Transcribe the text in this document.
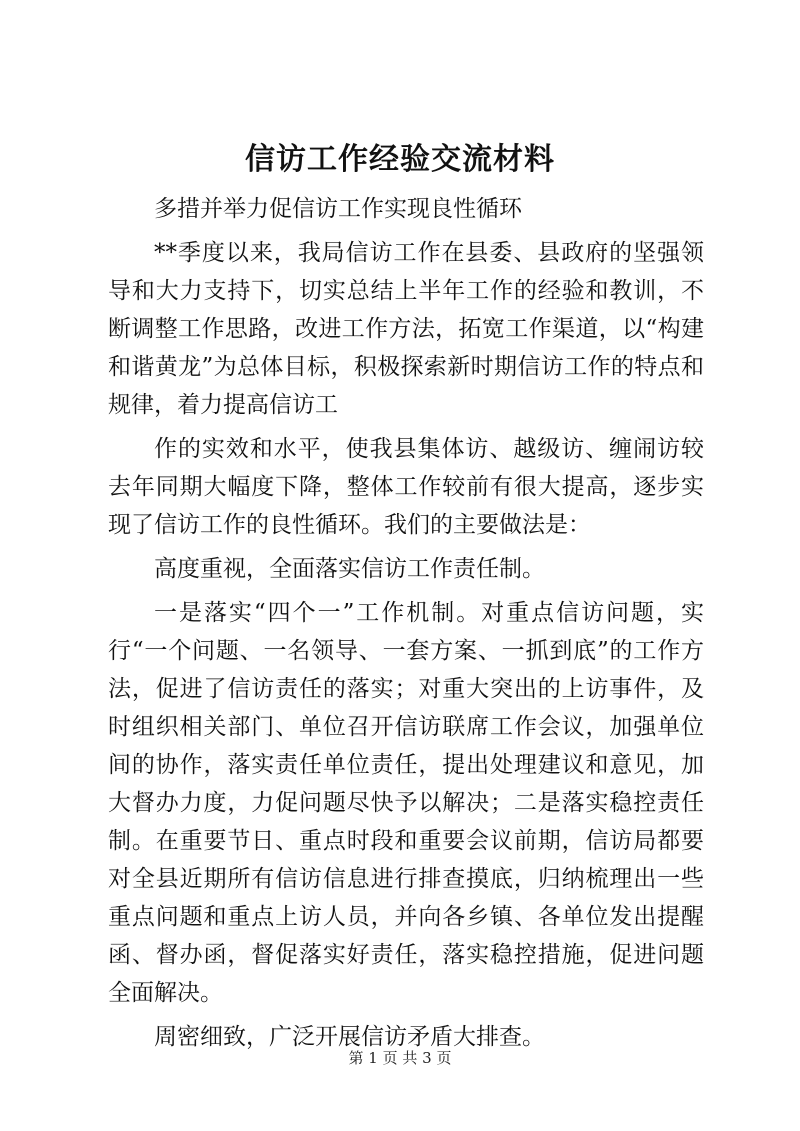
信访工作经验交流材料

多措并举力促信访工作实现良性循环

**季度以来，我局信访工作在县委、县政府的坚强领导和大力支持下，切实总结上半年工作的经验和教训，不断调整工作思路，改进工作方法，拓宽工作渠道，以“构建和谐黄龙”为总体目标，积极探索新时期信访工作的特点和规律，着力提高信访工

作的实效和水平，使我县集体访、越级访、缠闹访较去年同期大幅度下降，整体工作较前有很大提高，逐步实现了信访工作的良性循环。我们的主要做法是：

高度重视，全面落实信访工作责任制。

一是落实“四个一”工作机制。对重点信访问题，实行“一个问题、一名领导、一套方案、一抓到底”的工作方法，促进了信访责任的落实；对重大突出的上访事件，及时组织相关部门、单位召开信访联席工作会议，加强单位间的协作，落实责任单位责任，提出处理建议和意见，加大督办力度，力促问题尽快予以解决；二是落实稳控责任制。在重要节日、重点时段和重要会议前期，信访局都要对全县近期所有信访信息进行排查摸底，归纳梳理出一些重点问题和重点上访人员，并向各乡镇、各单位发出提醒函、督办函，督促落实好责任，落实稳控措施，促进问题全面解决。

周密细致，广泛开展信访矛盾大排查。

第 1 页 共 3 页
